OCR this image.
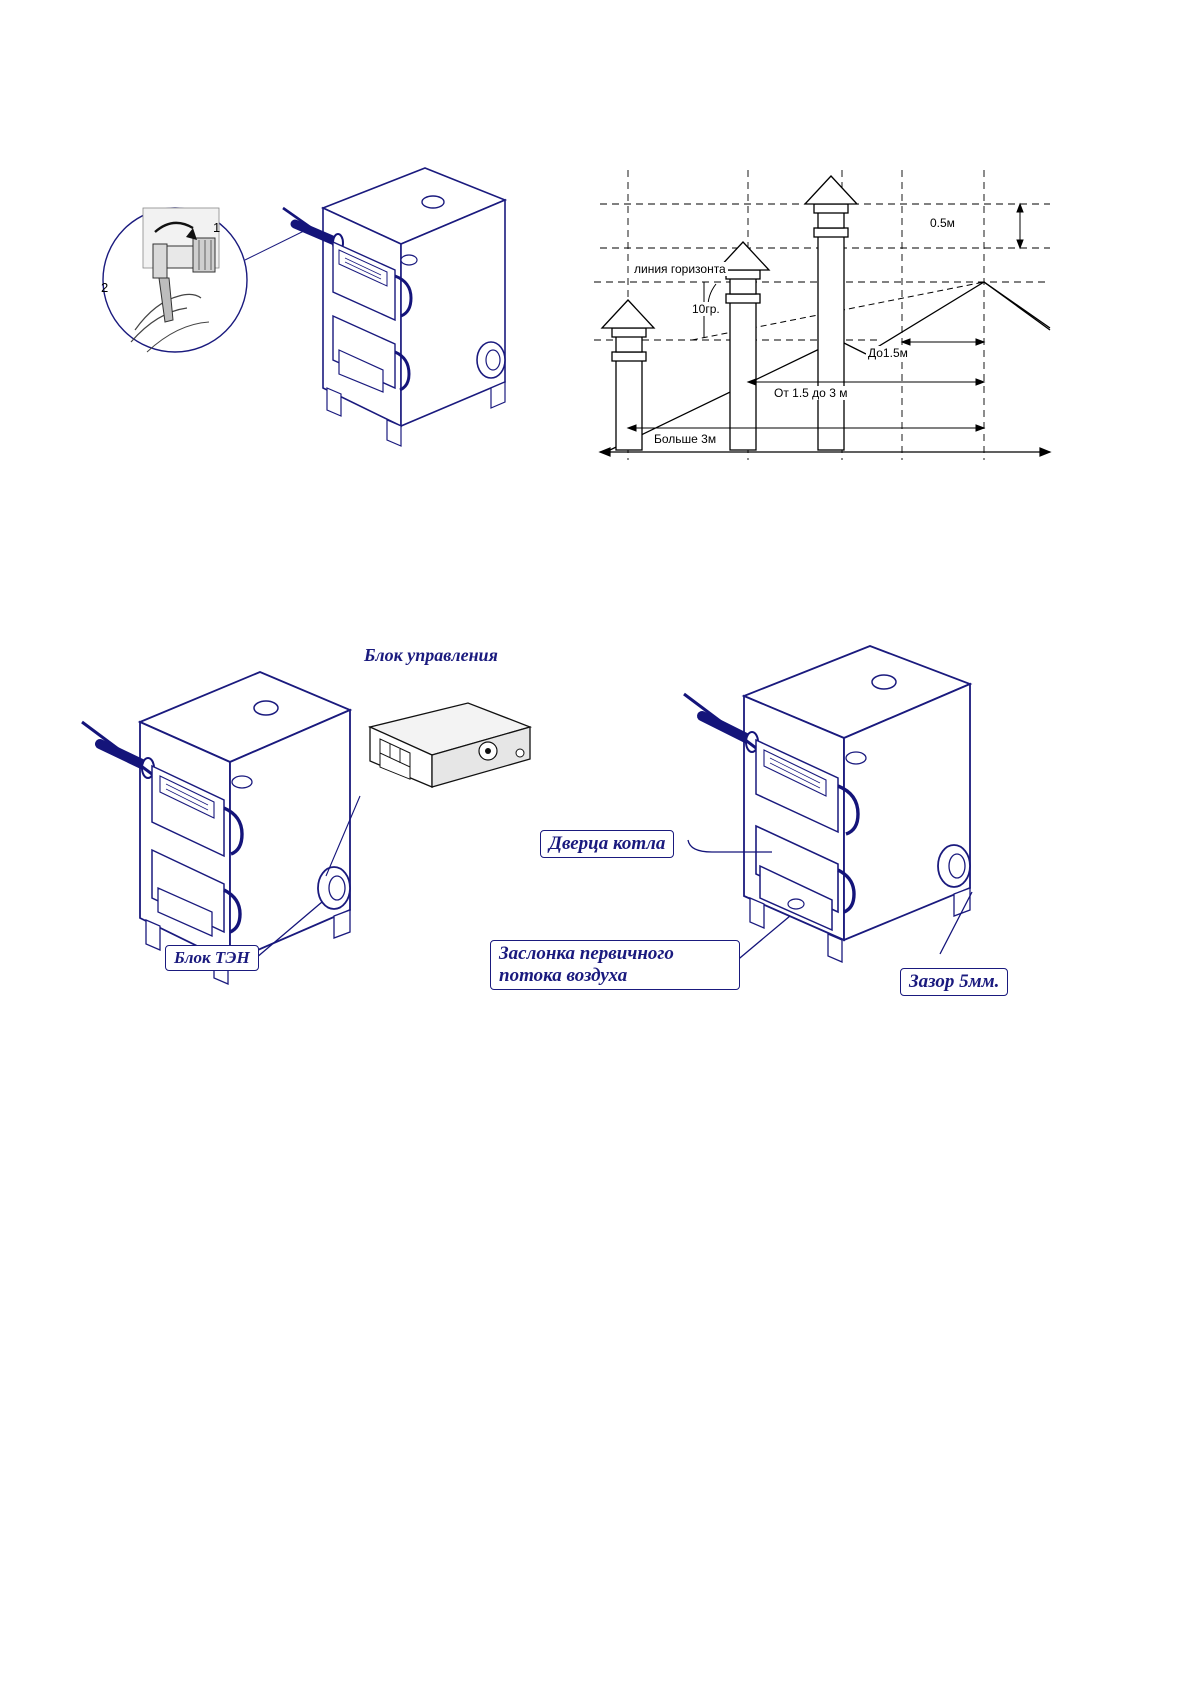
1
2
линия горизонта
10гр.
0.5м
До1.5м
От 1.5 до 3 м
Больше 3м
Блок ТЭН
Блок управления
Дверца котла
Заслонка первичного
потока воздуха	Зазор 5мм.
